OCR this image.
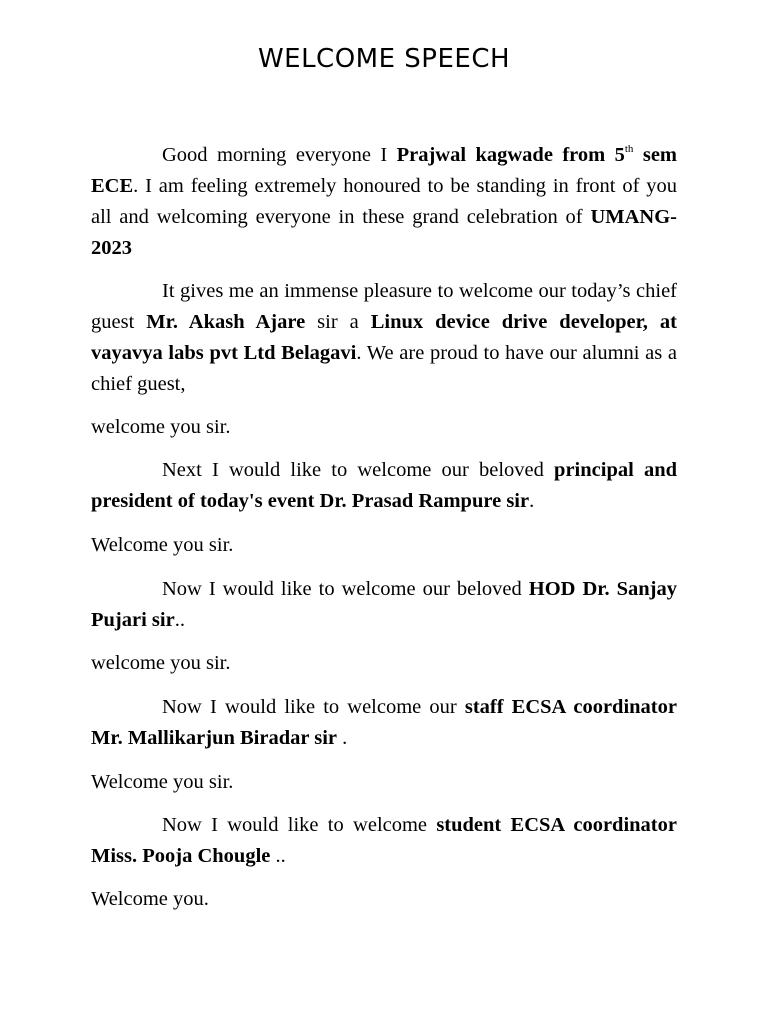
WELCOME SPEECH

Good morning everyone I Prajwal kagwade from 5th sem ECE. I am feeling extremely honoured to be standing in front of you all and welcoming everyone in these grand celebration of UMANG-2023

It gives me an immense pleasure to welcome our today’s chief guest Mr. Akash Ajare sir a Linux device drive developer, at vayavya labs pvt Ltd Belagavi. We are proud to have our alumni as a chief guest,

welcome you sir.

Next I would like to welcome our beloved principal and president of today's event Dr. Prasad Rampure sir.

Welcome you sir.

Now I would like to welcome our beloved HOD Dr. Sanjay Pujari sir..

welcome you sir.

Now I would like to welcome our staff ECSA coordinator Mr. Mallikarjun Biradar sir .

Welcome you sir.

Now I would like to welcome student ECSA coordinator Miss. Pooja Chougle ..

Welcome you.
